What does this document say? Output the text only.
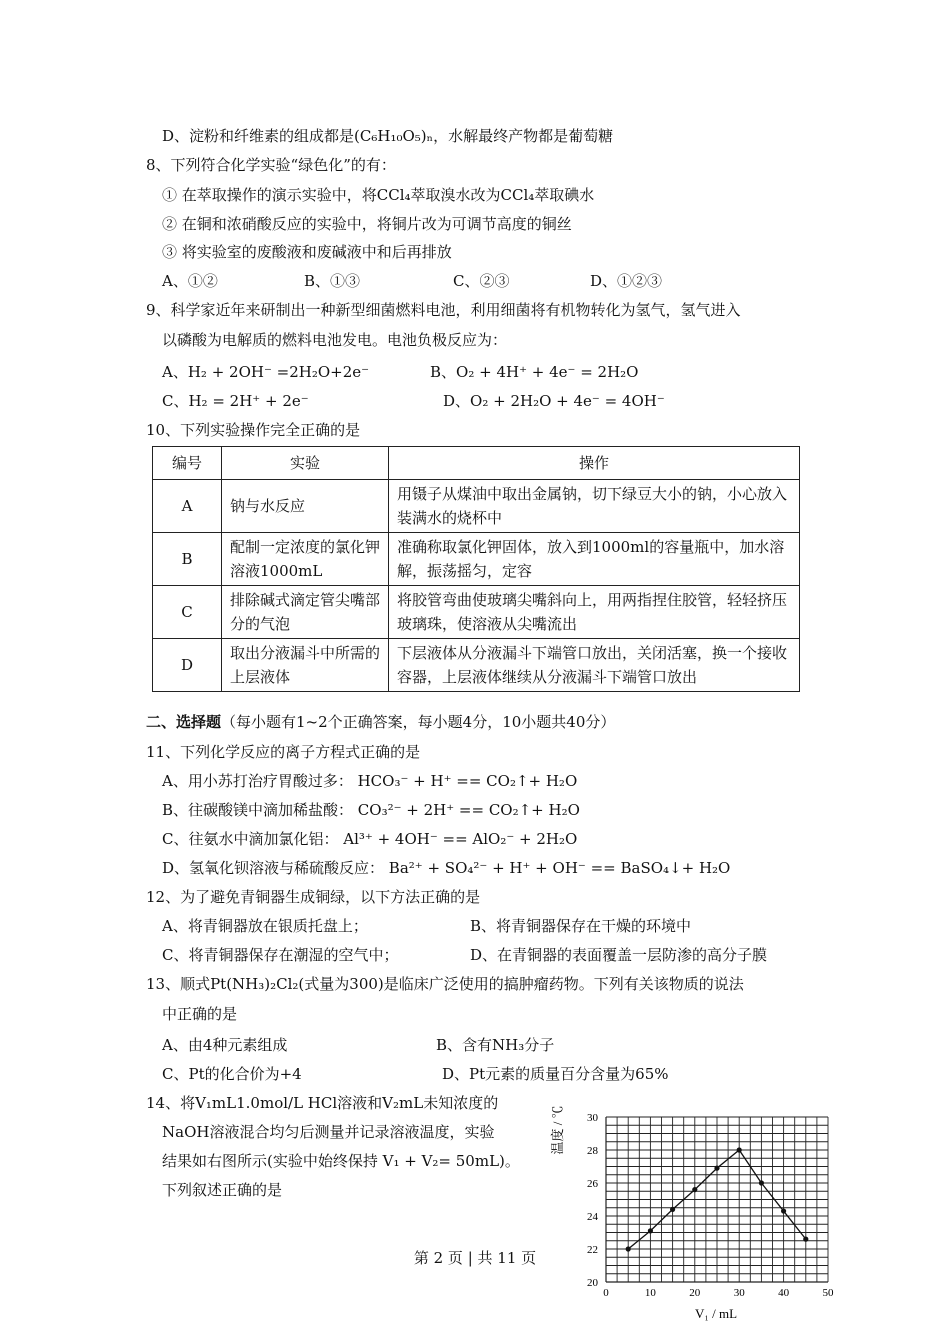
D、淀粉和纤维素的组成都是(C₆H₁₀O₅)ₙ，水解最终产物都是葡萄糖
8、下列符合化学实验“绿色化”的有：
① 在萃取操作的演示实验中，将CCl₄萃取溴水改为CCl₄萃取碘水
② 在铜和浓硝酸反应的实验中，将铜片改为可调节高度的铜丝
③ 将实验室的废酸液和废碱液中和后再排放
A、①②	B、①③	C、②③	D、①②③
9、科学家近年来研制出一种新型细菌燃料电池，利用细菌将有机物转化为氢气，氢气进入
以磷酸为电解质的燃料电池发电。电池负极反应为：
A、H₂ + 2OH⁻ =2H₂O+2e⁻	B、O₂ + 4H⁺ + 4e⁻ = 2H₂O
C、H₂ = 2H⁺ + 2e⁻	D、O₂ + 2H₂O + 4e⁻ = 4OH⁻
10、下列实验操作完全正确的是
编号	实验	操作
A	钠与水反应	用镊子从煤油中取出金属钠，切下绿豆大小的钠，小心放入装满水的烧杯中
B	配制一定浓度的氯化钾溶液1000mL	准确称取氯化钾固体，放入到1000ml的容量瓶中，加水溶解，振荡摇匀，定容
C	排除碱式滴定管尖嘴部分的气泡	将胶管弯曲使玻璃尖嘴斜向上，用两指捏住胶管，轻轻挤压玻璃珠，使溶液从尖嘴流出
D	取出分液漏斗中所需的上层液体	下层液体从分液漏斗下端管口放出，关闭活塞，换一个接收容器，上层液体继续从分液漏斗下端管口放出
二、选择题（每小题有1~2个正确答案，每小题4分，10小题共40分）
11、下列化学反应的离子方程式正确的是
A、用小苏打治疗胃酸过多： HCO₃⁻ + H⁺ == CO₂↑+ H₂O
B、往碳酸镁中滴加稀盐酸： CO₃²⁻ + 2H⁺ == CO₂↑+ H₂O
C、往氨水中滴加氯化铝： Al³⁺ + 4OH⁻ == AlO₂⁻ + 2H₂O
D、氢氧化钡溶液与稀硫酸反应： Ba²⁺ + SO₄²⁻ + H⁺ + OH⁻ == BaSO₄↓+ H₂O
12、为了避免青铜器生成铜绿，以下方法正确的是
A、将青铜器放在银质托盘上；	B、将青铜器保存在干燥的环境中
C、将青铜器保存在潮湿的空气中；	D、在青铜器的表面覆盖一层防渗的高分子膜
13、顺式Pt(NH₃)₂Cl₂(式量为300)是临床广泛使用的搞肿瘤药物。下列有关该物质的说法
中正确的是
A、由4种元素组成	B、含有NH₃分子
C、Pt的化合价为+4	D、Pt元素的质量百分含量为65%
14、将V₁mL1.0mol/L HCl溶液和V₂mL未知浓度的
NaOH溶液混合均匀后测量并记录溶液温度，实验
结果如右图所示(实验中始终保持 V₁ + V₂= 50mL)。
下列叙述正确的是
0	10	20	30	40	50
20
22
24
26
28
30
温度 / ℃
V₁ / mL
第 2 页 | 共 11 页
